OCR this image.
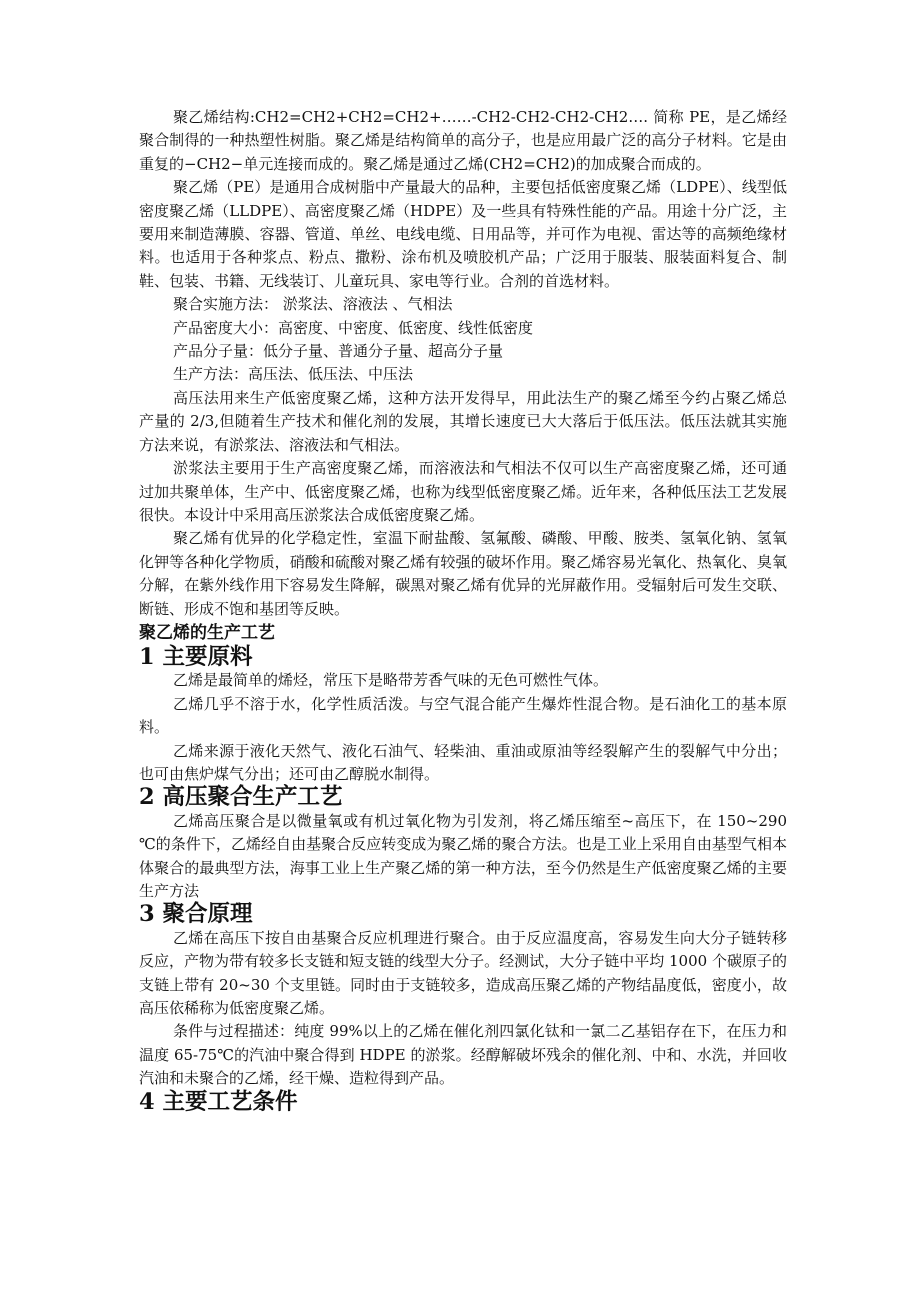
聚乙烯结构:CH2=CH2+CH2=CH2+……-CH2-CH2-CH2-CH2…. 简称 PE，是乙烯经聚合制得的一种热塑性树脂。聚乙烯是结构简单的高分子，也是应用最广泛的高分子材料。它是由重复的−CH2−单元连接而成的。聚乙烯是通过乙烯(CH2=CH2)的加成聚合而成的。

聚乙烯（PE）是通用合成树脂中产量最大的品种，主要包括低密度聚乙烯（LDPE）、线型低密度聚乙烯（LLDPE）、高密度聚乙烯（HDPE）及一些具有特殊性能的产品。用途十分广泛，主要用来制造薄膜、容器、管道、单丝、电线电缆、日用品等，并可作为电视、雷达等的高频绝缘材料。也适用于各种浆点、粉点、撒粉、涂布机及喷胶机产品；广泛用于服装、服装面料复合、制鞋、包装、书籍、无线装订、儿童玩具、家电等行业。合剂的首选材料。

聚合实施方法： 淤浆法、溶液法 、气相法

产品密度大小：高密度、中密度、低密度、线性低密度

产品分子量：低分子量、普通分子量、超高分子量

生产方法：高压法、低压法、中压法

高压法用来生产低密度聚乙烯，这种方法开发得早，用此法生产的聚乙烯至今约占聚乙烯总产量的 2/3,但随着生产技术和催化剂的发展，其增长速度已大大落后于低压法。低压法就其实施方法来说，有淤浆法、溶液法和气相法。

淤浆法主要用于生产高密度聚乙烯，而溶液法和气相法不仅可以生产高密度聚乙烯，还可通过加共聚单体，生产中、低密度聚乙烯，也称为线型低密度聚乙烯。近年来，各种低压法工艺发展很快。本设计中采用高压淤浆法合成低密度聚乙烯。

聚乙烯有优异的化学稳定性，室温下耐盐酸、氢氟酸、磷酸、甲酸、胺类、氢氧化钠、氢氧化钾等各种化学物质，硝酸和硫酸对聚乙烯有较强的破坏作用。聚乙烯容易光氧化、热氧化、臭氧分解，在紫外线作用下容易发生降解，碳黑对聚乙烯有优异的光屏蔽作用。受辐射后可发生交联、断链、形成不饱和基团等反映。

聚乙烯的生产工艺
1 主要原料

乙烯是最简单的烯烃，常压下是略带芳香气味的无色可燃性气体。

乙烯几乎不溶于水，化学性质活泼。与空气混合能产生爆炸性混合物。是石油化工的基本原料。

乙烯来源于液化天然气、液化石油气、轻柴油、重油或原油等经裂解产生的裂解气中分出；也可由焦炉煤气分出；还可由乙醇脱水制得。

2 高压聚合生产工艺

乙烯高压聚合是以微量氧或有机过氧化物为引发剂，将乙烯压缩至~高压下，在 150~290 ℃的条件下，乙烯经自由基聚合反应转变成为聚乙烯的聚合方法。也是工业上采用自由基型气相本体聚合的最典型方法，海事工业上生产聚乙烯的第一种方法，至今仍然是生产低密度聚乙烯的主要生产方法

3 聚合原理

乙烯在高压下按自由基聚合反应机理进行聚合。由于反应温度高，容易发生向大分子链转移反应，产物为带有较多长支链和短支链的线型大分子。经测试，大分子链中平均 1000 个碳原子的支链上带有 20~30 个支里链。同时由于支链较多，造成高压聚乙烯的产物结晶度低，密度小，故高压依稀称为低密度聚乙烯。

条件与过程描述：纯度 99%以上的乙烯在催化剂四氯化钛和一氯二乙基铝存在下，在压力和温度 65-75℃的汽油中聚合得到 HDPE 的淤浆。经醇解破坏残余的催化剂、中和、水洗，并回收汽油和未聚合的乙烯，经干燥、造粒得到产品。

4 主要工艺条件
